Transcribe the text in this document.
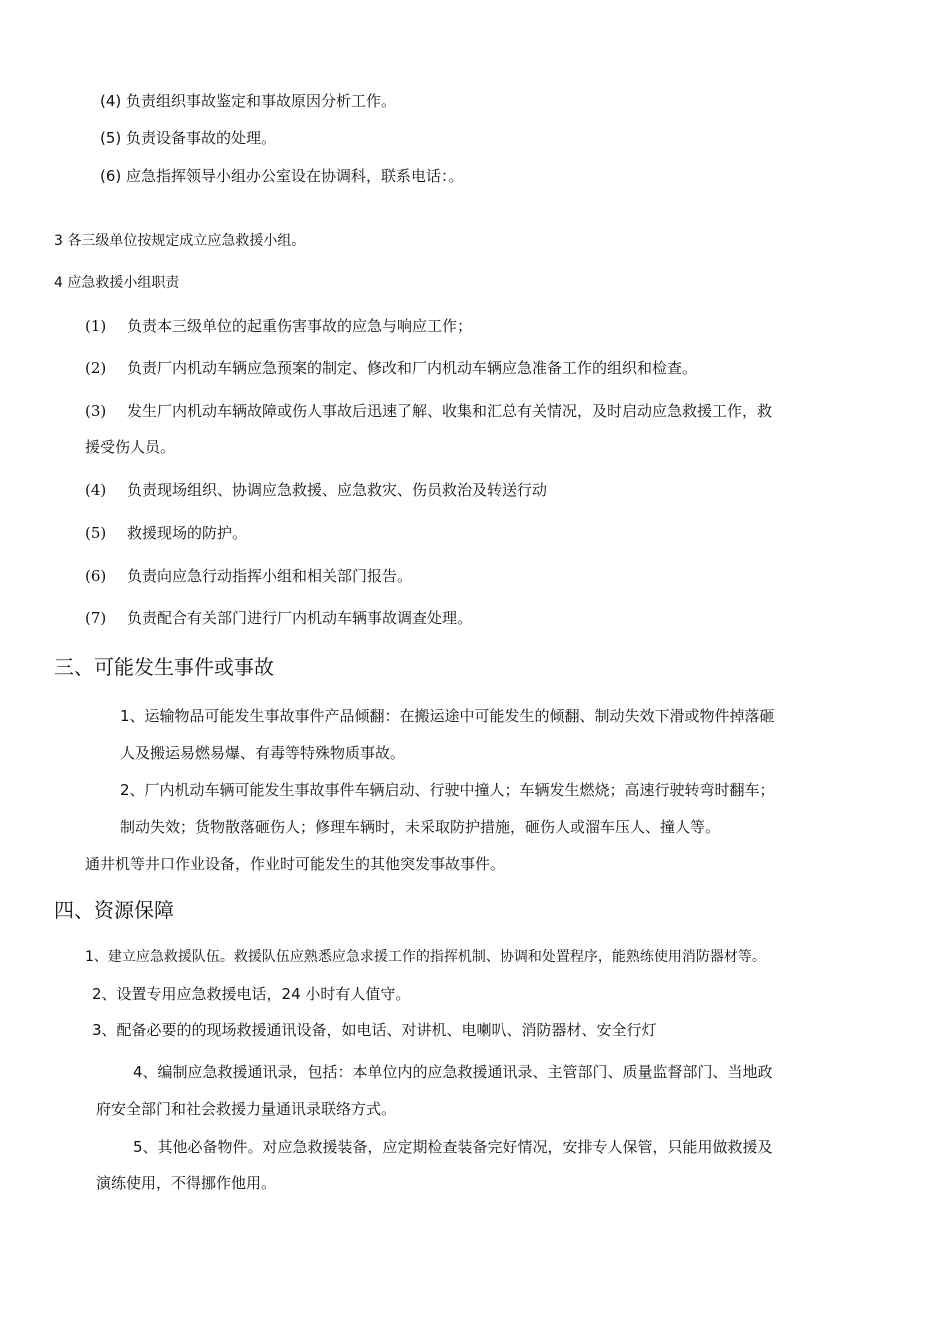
(4) 负责组织事故鉴定和事故原因分析工作。
(5) 负责设备事故的处理。
(6) 应急指挥领导小组办公室设在协调科，联系电话：。
3 各三级单位按规定成立应急救援小组。
4 应急救援小组职责
(1) 负责本三级单位的起重伤害事故的应急与响应工作；
(2) 负责厂内机动车辆应急预案的制定、修改和厂内机动车辆应急准备工作的组织和检查。
(3) 发生厂内机动车辆故障或伤人事故后迅速了解、收集和汇总有关情况，及时启动应急救援工作，救
援受伤人员。
(4) 负责现场组织、协调应急救援、应急救灾、伤员救治及转送行动
(5) 救援现场的防护。
(6) 负责向应急行动指挥小组和相关部门报告。
(7) 负责配合有关部门进行厂内机动车辆事故调查处理。
三、可能发生事件或事故
1、运输物品可能发生事故事件产品倾翻：在搬运途中可能发生的倾翻、制动失效下滑或物件掉落砸
人及搬运易燃易爆、有毒等特殊物质事故。
2、厂内机动车辆可能发生事故事件车辆启动、行驶中撞人；车辆发生燃烧；高速行驶转弯时翻车；
制动失效；货物散落砸伤人；修理车辆时，未采取防护措施，砸伤人或溜车压人、撞人等。
通井机等井口作业设备，作业时可能发生的其他突发事故事件。
四、资源保障
1、建立应急救援队伍。救援队伍应熟悉应急求援工作的指挥机制、协调和处置程序，能熟练使用消防器材等。
2、设置专用应急救援电话，24 小时有人值守。
3、配备必要的的现场救援通讯设备，如电话、对讲机、电喇叭、消防器材、安全行灯
4、编制应急救援通讯录，包括：本单位内的应急救援通讯录、主管部门、质量监督部门、当地政
府安全部门和社会救援力量通讯录联络方式。
5、其他必备物件。对应急救援装备，应定期检查装备完好情况，安排专人保管，只能用做救援及
演练使用，不得挪作他用。
